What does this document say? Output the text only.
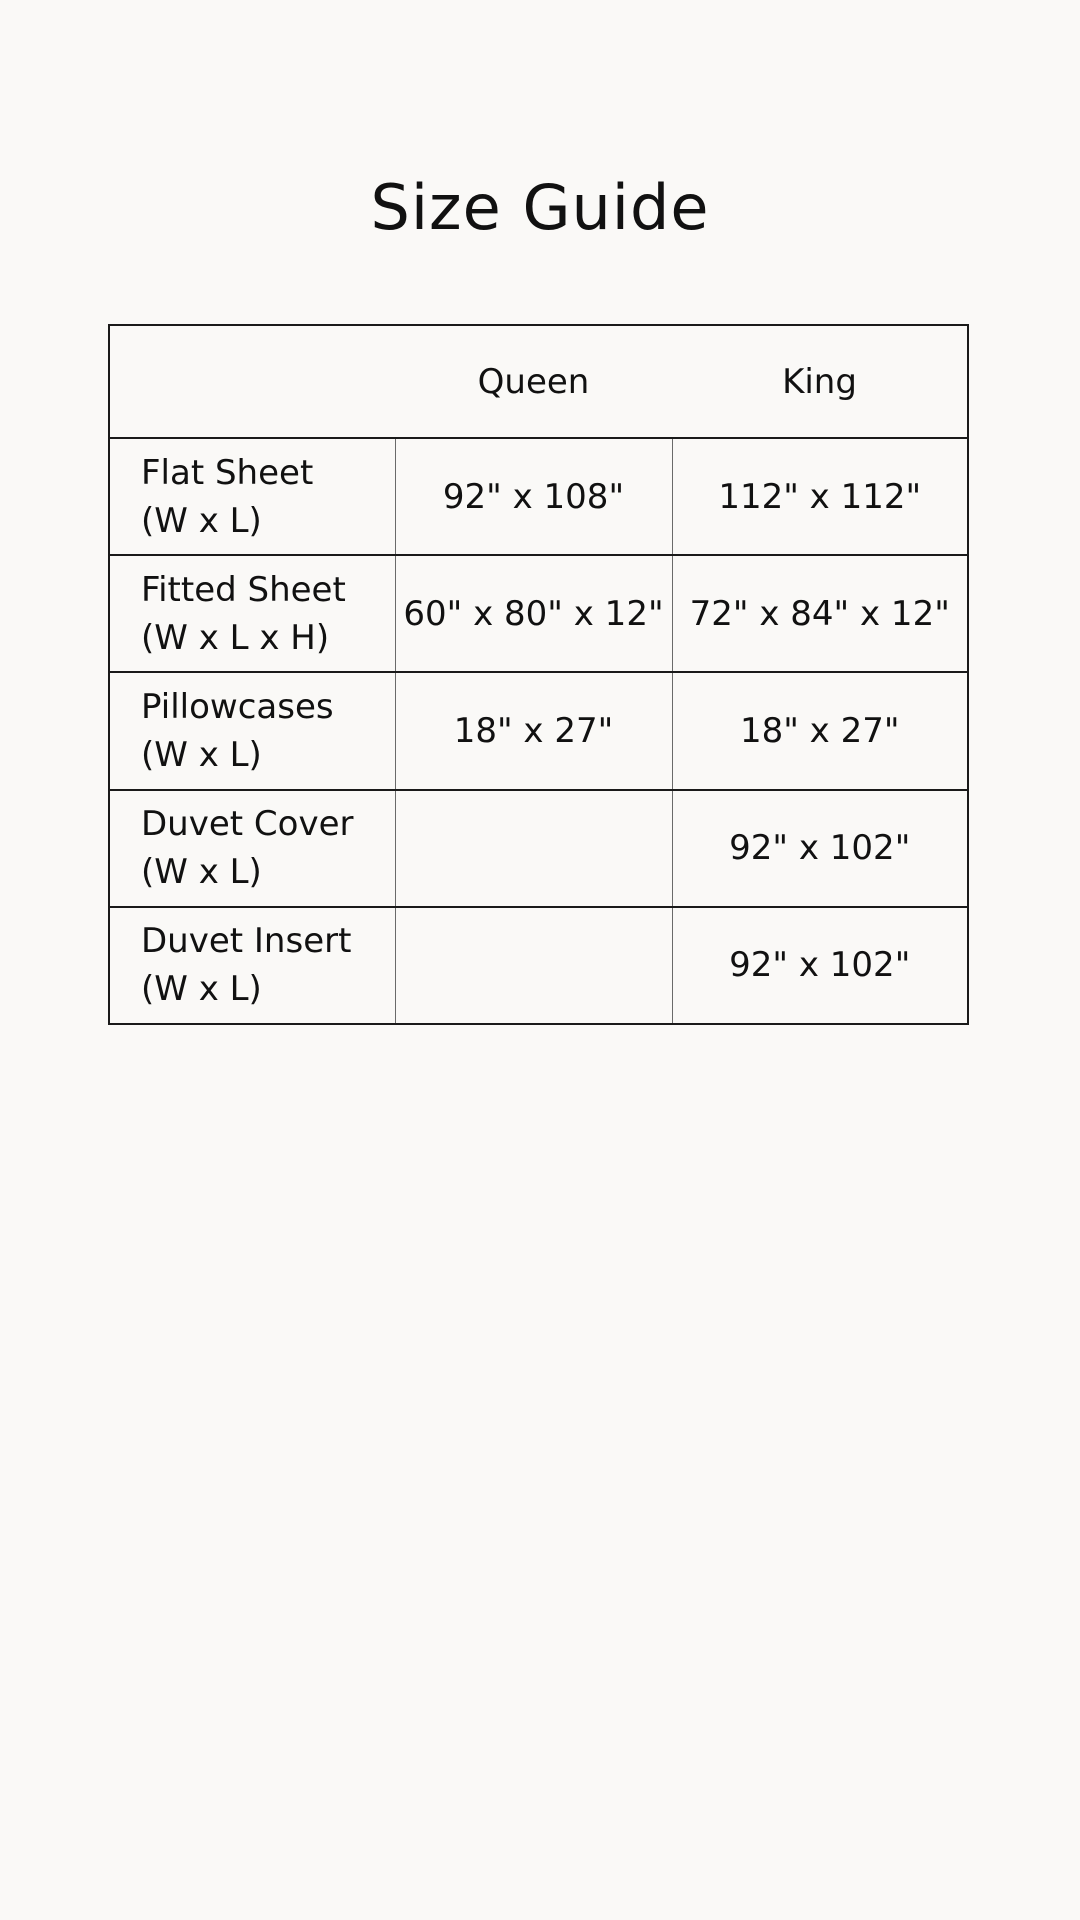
Size Guide
	Queen	King

Flat Sheet
(W x L)	92" x 108"	112" x 112"

Fitted Sheet
(W x L x H)	60" x 80" x 12"	72" x 84" x 12"

Pillowcases
(W x L)	18" x 27"	18" x 27"

Duvet Cover
(W x L)		92" x 102"

Duvet Insert
(W x L)		92" x 102"
